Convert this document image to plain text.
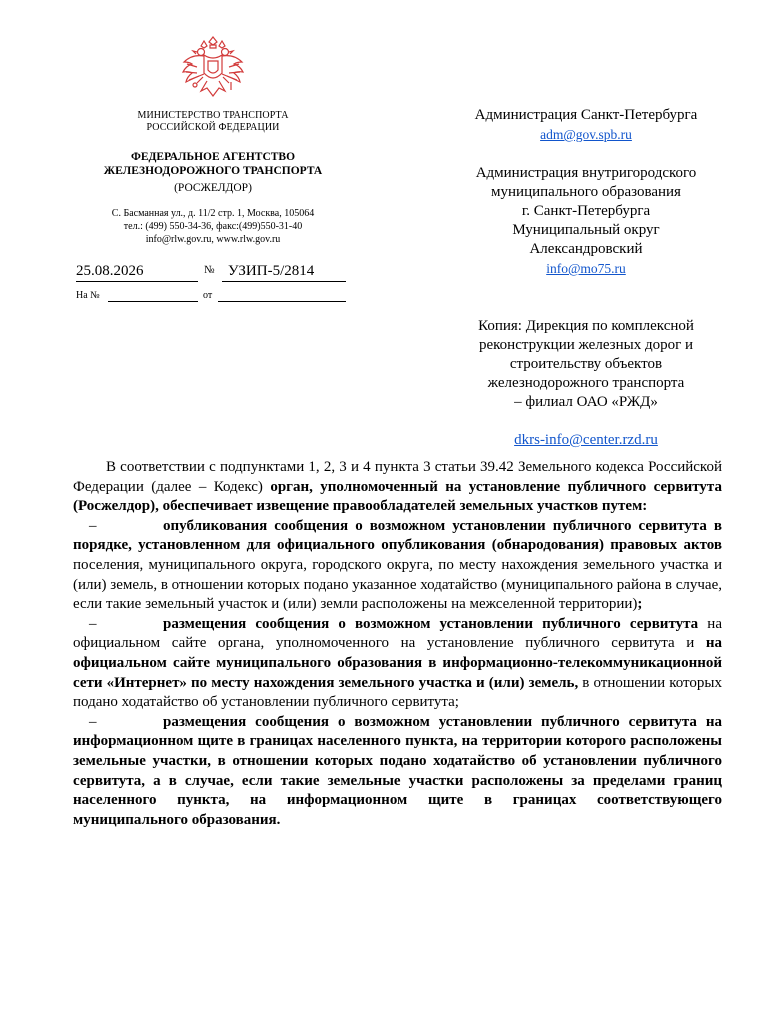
МИНИСТЕРСТВО ТРАНСПОРТА
РОССИЙСКОЙ ФЕДЕРАЦИИ
ФЕДЕРАЛЬНОЕ АГЕНТСТВО
ЖЕЛЕЗНОДОРОЖНОГО ТРАНСПОРТА
(РОСЖЕЛДОР)
С. Басманная ул., д. 11/2 стр. 1, Москва, 105064
тел.: (499) 550-34-36, факс:(499)550-31-40
info@rlw.gov.ru, www.rlw.gov.ru
25.08.2026	№ УЗИП-5/2814
На №	от
Администрация Санкт-Петербурга
adm@gov.spb.ru
Администрация внутригородского
муниципального образования
г. Санкт-Петербурга
Муниципальный округ
Александровский
info@mo75.ru
Копия: Дирекция по комплексной
реконструкции железных дорог и
строительству объектов
железнодорожного транспорта
– филиал ОАО «РЖД»
dkrs-info@center.rzd.ru

В соответствии с подпунктами 1, 2, 3 и 4 пункта 3 статьи 39.42 Земельного кодекса Российской Федерации (далее – Кодекс) орган, уполномоченный на установление публичного сервитута (Росжелдор), обеспечивает извещение правообладателей земельных участков путем:

–	опубликования сообщения о возможном установлении публичного сервитута в порядке, установленном для официального опубликования (обнародования) правовых актов поселения, муниципального округа, городского округа, по месту нахождения земельного участка и (или) земель, в отношении которых подано указанное ходатайство (муниципального района в случае, если такие земельный участок и (или) земли расположены на межселенной территории);

–	размещения сообщения о возможном установлении публичного сервитута на официальном сайте органа, уполномоченного на установление публичного сервитута и на официальном сайте муниципального образования в информационно-телекоммуникационной сети «Интернет» по месту нахождения земельного участка и (или) земель, в отношении которых подано ходатайство об установлении публичного сервитута;

–	размещения сообщения о возможном установлении публичного сервитута на информационном щите в границах населенного пункта, на территории которого расположены земельные участки, в отношении которых подано ходатайство об установлении публичного сервитута, а в случае, если такие земельные участки расположены за пределами границ населенного пункта, на информационном щите в границах соответствующего муниципального образования.
